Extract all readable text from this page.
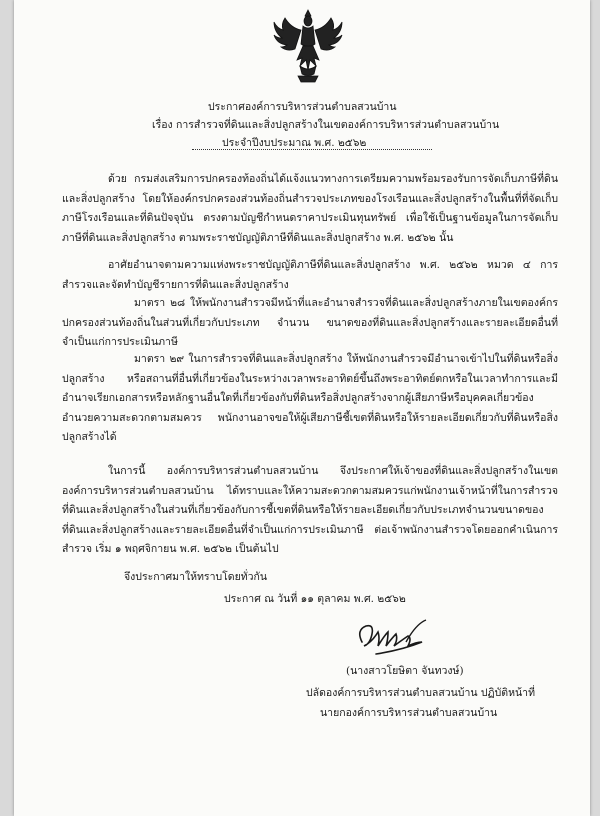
ประกาศองค์การบริหารส่วนตำบลสวนบ้าน
เรื่อง การสำรวจที่ดินและสิ่งปลูกสร้างในเขตองค์การบริหารส่วนตำบลสวนบ้าน
ประจำปีงบประมาณ พ.ศ. ๒๕๖๒
ด้วย กรมส่งเสริมการปกครองท้องถิ่นได้แจ้งแนวทางการเตรียมความพร้อมรองรับการจัดเก็บภาษีที่ดินและสิ่งปลูกสร้าง โดยให้องค์กรปกครองส่วนท้องถิ่นสำรวจประเภทของโรงเรือนและสิ่งปลูกสร้างในพื้นที่ที่จัดเก็บภาษีโรงเรือนและที่ดินปัจจุบัน ตรงตามบัญชีกำหนดราคาประเมินทุนทรัพย์ เพื่อใช้เป็นฐานข้อมูลในการจัดเก็บภาษีที่ดินและสิ่งปลูกสร้าง ตามพระราชบัญญัติภาษีที่ดินและสิ่งปลูกสร้าง พ.ศ. ๒๕๖๒ นั้น
อาศัยอำนาจตามความแห่งพระราชบัญญัติภาษีที่ดินและสิ่งปลูกสร้าง พ.ศ. ๒๕๖๒ หมวด ๔ การสำรวจและจัดทำบัญชีรายการที่ดินและสิ่งปลูกสร้าง
มาตรา ๒๘ ให้พนักงานสำรวจมีหน้าที่และอำนาจสำรวจที่ดินและสิ่งปลูกสร้างภายในเขตองค์กรปกครองส่วนท้องถิ่นในส่วนที่เกี่ยวกับประเภท จำนวน ขนาดของที่ดินและสิ่งปลูกสร้างและรายละเอียดอื่นที่จำเป็นแก่การประเมินภาษี
มาตรา ๒๙ ในการสำรวจที่ดินและสิ่งปลูกสร้าง ให้พนักงานสำรวจมีอำนาจเข้าไปในที่ดินหรือสิ่งปลูกสร้าง หรือสถานที่อื่นที่เกี่ยวข้องในระหว่างเวลาพระอาทิตย์ขึ้นถึงพระอาทิตย์ตกหรือในเวลาทำการและมีอำนาจเรียกเอกสารหรือหลักฐานอื่นใดที่เกี่ยวข้องกับที่ดินหรือสิ่งปลูกสร้างจากผู้เสียภาษีหรือบุคคลเกี่ยวข้องอำนวยความสะดวกตามสมควร พนักงานอาจขอให้ผู้เสียภาษีชี้เขตที่ดินหรือให้รายละเอียดเกี่ยวกับที่ดินหรือสิ่งปลูกสร้างได้
ในการนี้ องค์การบริหารส่วนตำบลสวนบ้าน จึงประกาศให้เจ้าของที่ดินและสิ่งปลูกสร้างในเขตองค์การบริหารส่วนตำบลสวนบ้าน ได้ทราบและให้ความสะดวกตามสมควรแก่พนักงานเจ้าหน้าที่ในการสำรวจที่ดินและสิ่งปลูกสร้างในส่วนที่เกี่ยวข้องกับการชี้เขตที่ดินหรือให้รายละเอียดเกี่ยวกับประเภทจำนวนขนาดของที่ดินและสิ่งปลูกสร้างและรายละเอียดอื่นที่จำเป็นแก่การประเมินภาษี ต่อเจ้าพนักงานสำรวจโดยออกคำเนินการสำรวจ เริ่ม ๑ พฤศจิกายน พ.ศ. ๒๕๖๒ เป็นต้นไป
จึงประกาศมาให้ทราบโดยทั่วกัน
ประกาศ ณ วันที่ ๑๑ ตุลาคม พ.ศ. ๒๕๖๒
(นางสาวโยษิตา จันทวงษ์)
ปลัดองค์การบริหารส่วนตำบลสวนบ้าน ปฏิบัติหน้าที่
นายกองค์การบริหารส่วนตำบลสวนบ้าน
